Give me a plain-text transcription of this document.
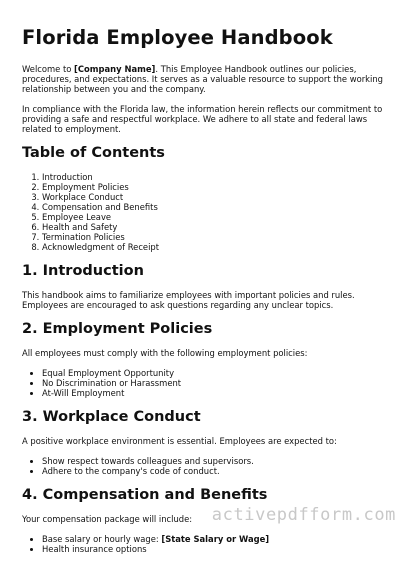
Florida Employee Handbook

Welcome to [Company Name]. This Employee Handbook outlines our policies, procedures, and expectations. It serves as a valuable resource to support the working relationship between you and the company.

In compliance with the Florida law, the information herein reflects our commitment to providing a safe and respectful workplace. We adhere to all state and federal laws related to employment.

Table of Contents
1. Introduction
2. Employment Policies
3. Workplace Conduct
4. Compensation and Benefits
5. Employee Leave
6. Health and Safety
7. Termination Policies
8. Acknowledgment of Receipt
1. Introduction

This handbook aims to familiarize employees with important policies and rules. Employees are encouraged to ask questions regarding any unclear topics.

2. Employment Policies

All employees must comply with the following employment policies:

• Equal Employment Opportunity
• No Discrimination or Harassment
• At-Will Employment
3. Workplace Conduct

A positive workplace environment is essential. Employees are expected to:

• Show respect towards colleagues and supervisors.
• Adhere to the company's code of conduct.
4. Compensation and Benefits

Your compensation package will include:

• Base salary or hourly wage: [State Salary or Wage]
• Health insurance options
activepdfform.com
